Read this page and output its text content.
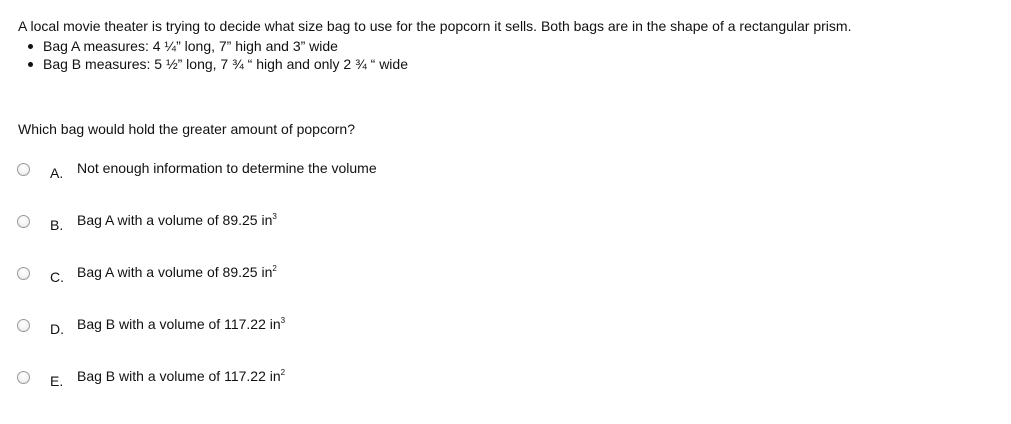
A local movie theater is trying to decide what size bag to use for the popcorn it sells. Both bags are in the shape of a rectangular prism.
Bag A measures: 4 ¼” long, 7” high and 3” wide
Bag B measures: 5 ½” long, 7 ¾ “ high and only 2 ¾ “ wide
Which bag would hold the greater amount of popcorn?
A. Not enough information to determine the volume
B. Bag A with a volume of 89.25 $in^3$
C. Bag A with a volume of 89.25 $in^2$
D. Bag B with a volume of 117.22 $in^3$
E. Bag B with a volume of 117.22 $in^2$
